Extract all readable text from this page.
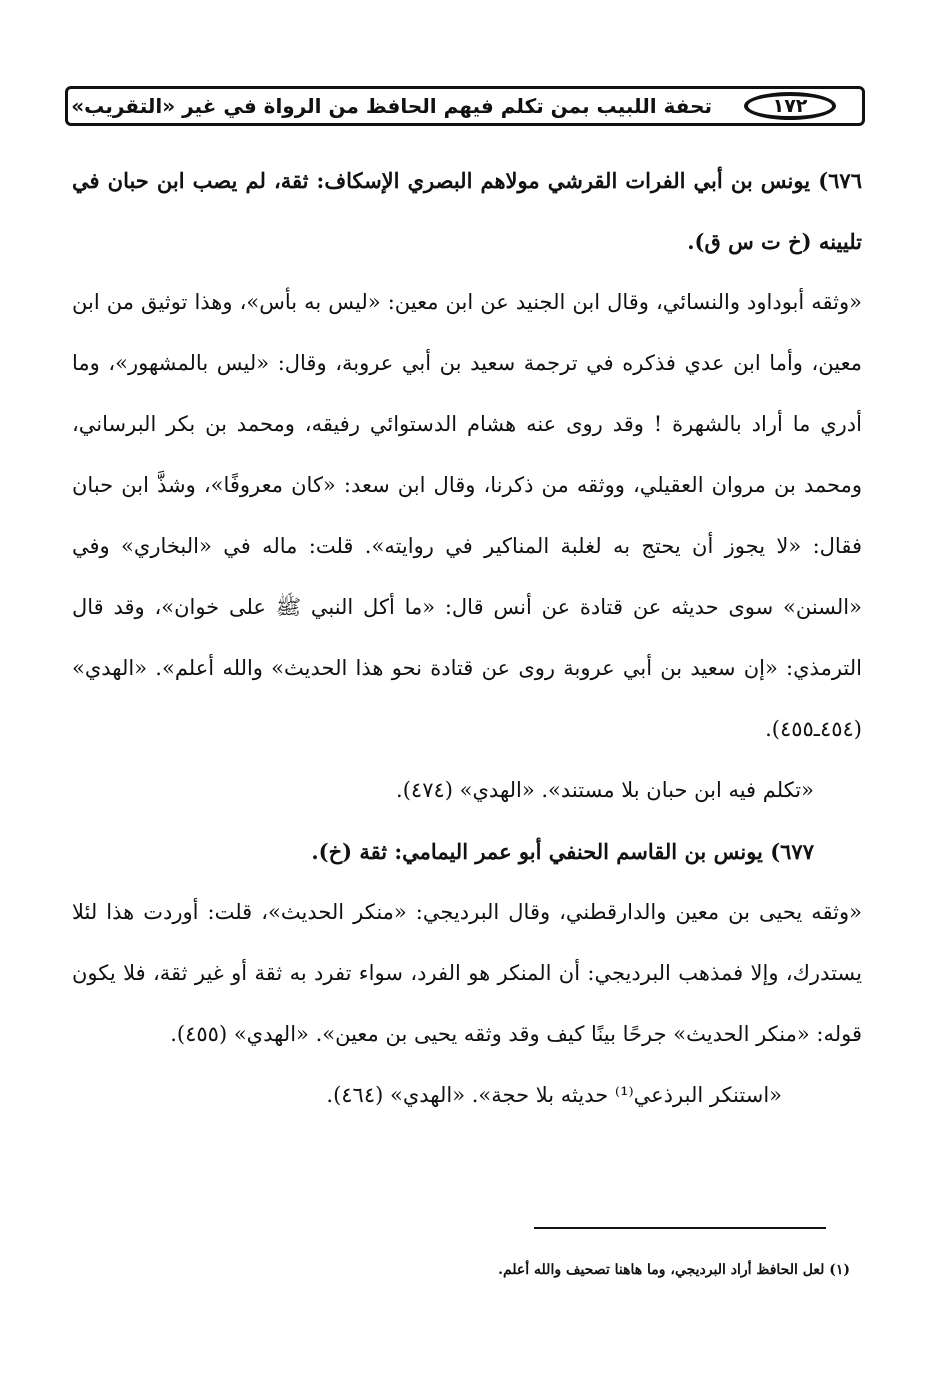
١٧٢
تحفة اللبيب بمن تكلم فيهم الحافظ من الرواة في غير «التقريب»

٦٧٦) يونس بن أبي الفرات القرشي مولاهم البصري الإسكاف: ثقة، لم يصب ابن حبان في تليينه (خ ت س ق).

«وثقه أبوداود والنسائي، وقال ابن الجنيد عن ابن معين: «ليس به بأس»، وهذا توثيق من ابن معين، وأما ابن عدي فذكره في ترجمة سعيد بن أبي عروبة، وقال: «ليس بالمشهور»، وما أدري ما أراد بالشهرة ! وقد روى عنه هشام الدستوائي رفيقه، ومحمد بن بكر البرساني، ومحمد بن مروان العقيلي، ووثقه من ذكرنا، وقال ابن سعد: «كان معروفًا»، وشذَّ ابن حبان فقال: «لا يجوز أن يحتج به لغلبة المناكير في روايته». قلت: ماله في «البخاري» وفي «السنن» سوى حديثه عن قتادة عن أنس قال: «ما أكل النبي ﷺ على خوان»، وقد قال الترمذي: «إن سعيد بن أبي عروبة روى عن قتادة نحو هذا الحديث» والله أعلم». «الهدي» (٤٥٤ـ٤٥٥).

«تكلم فيه ابن حبان بلا مستند». «الهدي» (٤٧٤).

٦٧٧) يونس بن القاسم الحنفي أبو عمر اليمامي: ثقة (خ).

«وثقه يحيى بن معين والدارقطني، وقال البرديجي: «منكر الحديث»، قلت: أوردت هذا لئلا يستدرك، وإلا فمذهب البرديجي: أن المنكر هو الفرد، سواء تفرد به ثقة أو غير ثقة، فلا يكون قوله: «منكر الحديث» جرحًا بينًا كيف وقد وثقه يحيى بن معين». «الهدي» (٤٥٥).

«استنكر البرذعي⁽¹⁾ حديثه بلا حجة». «الهدي» (٤٦٤).

(١) لعل الحافظ أراد البرديجي، وما هاهنا تصحيف والله أعلم.
